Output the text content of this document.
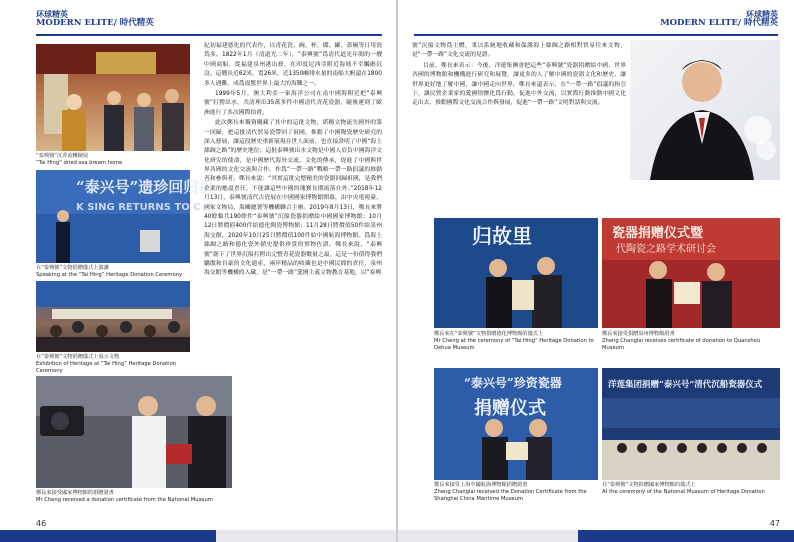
环球精英
MODERN ELITE/ 時代精英
“泰興號”沉香流轉鏡展
“Tai Hing” dried sea bream home
“泰兴号”遗珍回归祖
K SING RETURNS TO C
在“泰興號”文物捐贈儀式上演講
Speaking at the “Tai Hing” Heritage Donation Ceremony
在“泰興號”文物捐贈儀式上展示文物
Exhibition of Heritage at “Tai Hing” Heritage Donation Ceremony
鄭長來接受國家博物館的捐贈證書
Mr Cheng received a donation certificate from the National Museum

紀初福建德化的代表作，以青花瓷、碗、杯、碟、罐、蓋碗等日用瓷爲多。1822年1月（清道光二年），“泰興號”爲清代道光年間的一艘中國商船，從福建泉州港出發，在印度尼西亞附近海域不幸觸礁沉沒。這艘長近62米，寬26米，近1350噸排水量的南船大帆還在1800多人遇難，成爲震驚世界上最大的海難之一。

1999年5月，澳大利亞一家海洋公司在南中國海附近把“泰興號”打撈出水，共清理出35萬多件中國清代青花瓷器，隨後運到了歐洲進行了多次國際拍賣。

此次鄭長來獨資購藏了其中的這批文物，堪稱文物流失國外的第一回歸，把這批清代貿易瓷帶回了祖國，推動了中國陶瓷歷史研究的深入發展，讓這段歷史重新展現在世人面前，也直接證明了中國“海上絲綢之路”的歷史地位；這批泰興號出水文物是中國人肩負中國海洋文化研究的使命，是中國歷代海外交流、文化的傳承，促進了中國與世界各國的文化交流與合作，作爲“一帶一路”戰略一帶一路倡議的推動者和參與者。鄭長來說：“其實這批完整精美的瓷器回歸祖國，是我們企業的應盡責任，不能讓這些中國的瑰寶長期流落在外。”2018年12月13日，泰興號清代古瓷展在中國國家博物館開幕，由中央電視臺、國家文物局、海關總署等機構聯合主辦。2019年8月13日，鄭長來將40餘類共190餘件“泰興號”沉船瓷器捐贈給中國國家博物館；10月12日將價值400件給德化陶瓷博物館；11月28日將價值50件給泉州海交館，2020年10月25日將價值100件給中國航海博物館。爲海上絲綢之路和德化瓷外銷史提供珍貴的實物佐證。鄭長來說，“泰興號”創下了世界沉船打撈出完整青花瓷器數量之最，這是一份值得我們驕傲和自豪的文化遺產，兩岸精品的收藏也是中國民間的責任，泉州海交館等機構的入藏，是“一帶一路”愛國主義文物教育基地，以“泰興

46
环球精英
MODERN ELITE/ 時代精英

號”沉船文物爲主體，秉以系統地收藏和保護海上絲綢之路相對貿易往來文物，是“一帶一路”文化交流的見證。

目前，鄭長來表示：今後，洋蓮集團會把這些“泰興號”瓷器捐贈給中國、世界各國的博物館和機構進行研究和展覽，讓更多的人了解中國的瓷器文化和歷史，讓世界更好地了解中國，讓中國走向世界。鄭長來還表示，在“一帶一路”倡議的指引下，讓民營企業家的愛國情懷化爲行動，促進中外交流，以實際行動推動中國文化走出去，推動國際文化交流合作與發展，促進“一帶一路”文明對話與交流。

归故里
鄭長來在“泰興號”文物捐贈德化博物館的儀式上
Mr Cheng at the ceremony of “Tai Hing” Heritage Donation to Dehua Museum
瓷器捐赠仪式暨
代陶瓷之路学术研讨会
鄭長來接受捐贈泉州博物館證書
Zheng Changlai receives certificate of donation to Quanzhou Museum
“泰兴号”珍资瓷器
捐赠仪式
鄭長來接受上海中國航海博物館捐贈證書
Zheng Changlai received the Donation Certificate from the Shanghai China Maritime Museum
洋莲集团捐赠“泰兴号”清代沉船瓷器仪式
在“泰興號”文物捐贈國家博物館的儀式上
At the ceremony of the National Museum of Heritage Donation
47
